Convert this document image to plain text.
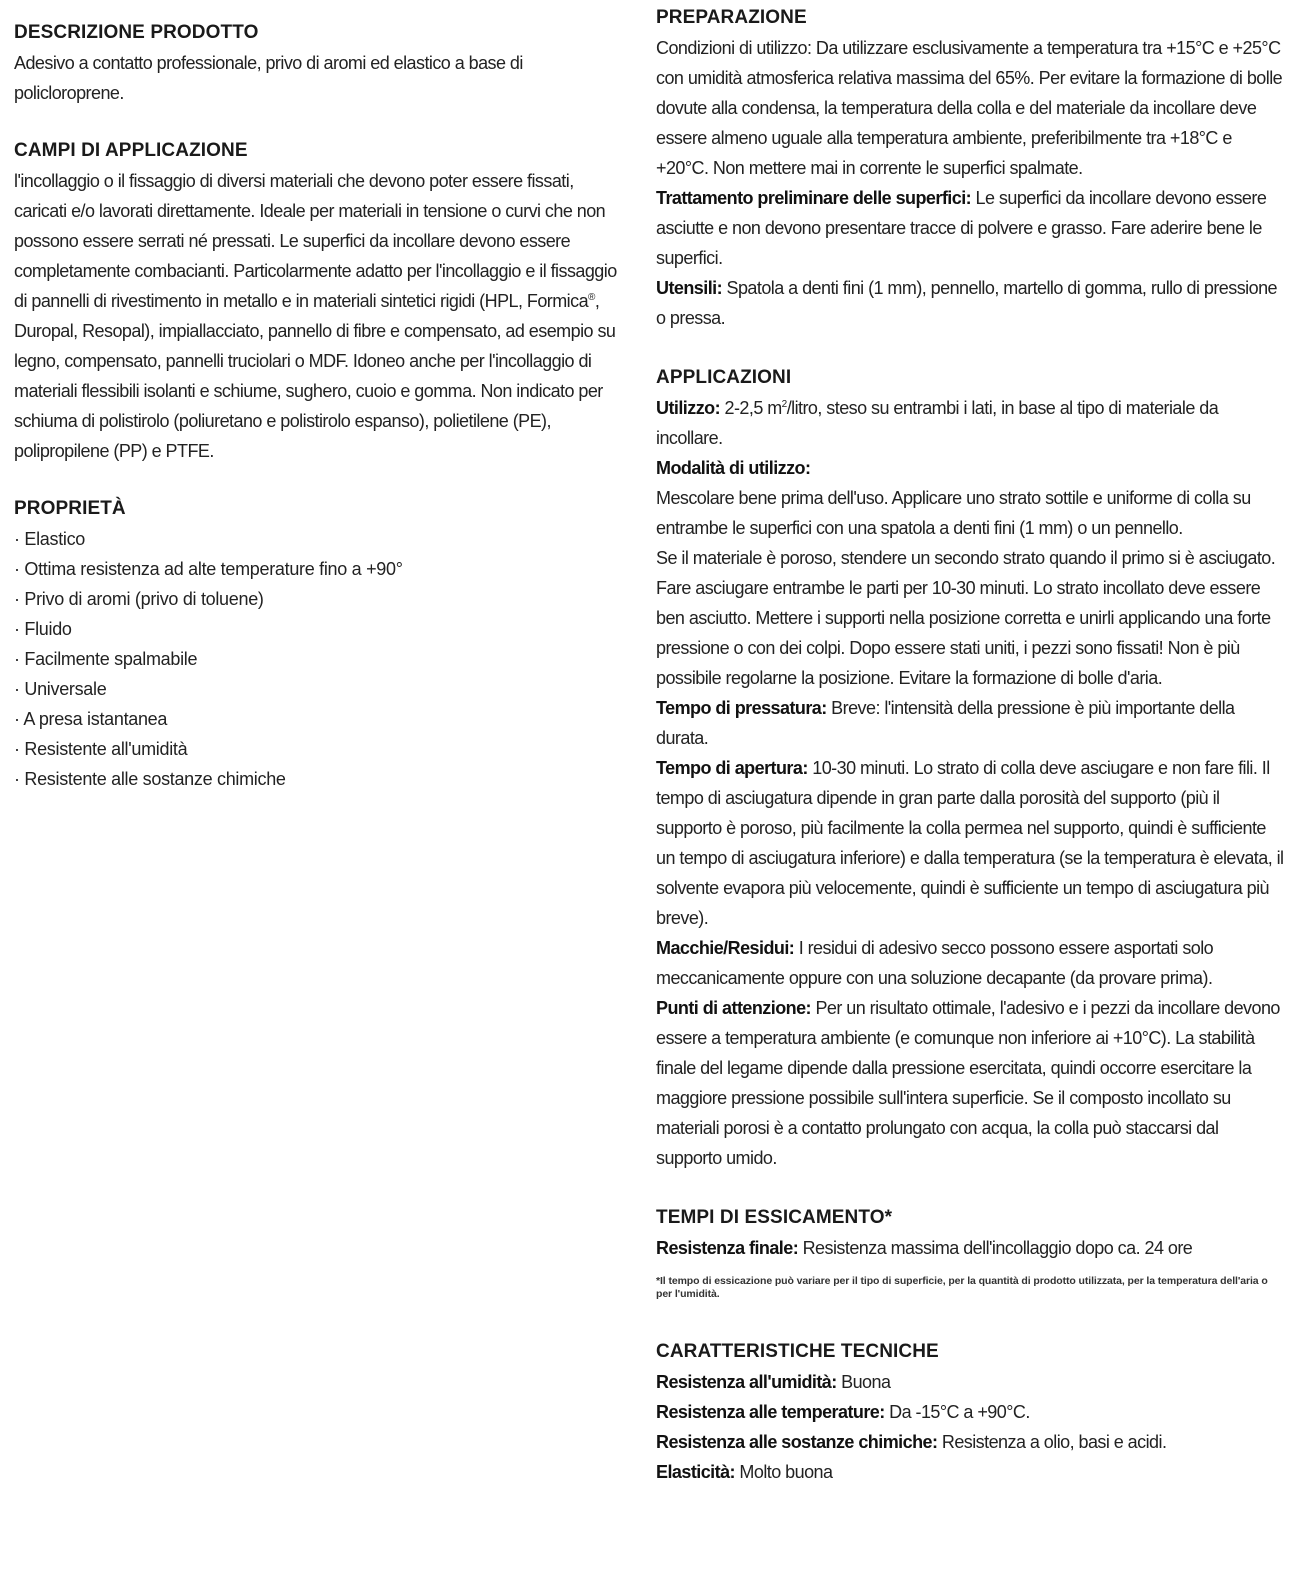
DESCRIZIONE PRODOTTO
Adesivo a contatto professionale, privo di aromi ed elastico a base di policloroprene.
CAMPI DI APPLICAZIONE
l'incollaggio o il fissaggio di diversi materiali che devono poter essere fissati, caricati e/o lavorati direttamente. Ideale per materiali in tensione o curvi che non possono essere serrati né pressati. Le superfici da incollare devono essere completamente combacianti. Particolarmente adatto per l'incollaggio e il fissaggio di pannelli di rivestimento in metallo e in materiali sintetici rigidi (HPL, Formica®, Duropal, Resopal), impiallacciato, pannello di fibre e compensato, ad esempio su legno, compensato, pannelli truciolari o MDF. Idoneo anche per l'incollaggio di materiali flessibili isolanti e schiume, sughero, cuoio e gomma. Non indicato per schiuma di polistirolo (poliuretano e polistirolo espanso), polietilene (PE), polipropilene (PP) e PTFE.
PROPRIETÀ
· Elastico
· Ottima resistenza ad alte temperature fino a +90°
· Privo di aromi (privo di toluene)
· Fluido
· Facilmente spalmabile
· Universale
· A presa istantanea
· Resistente all'umidità
· Resistente alle sostanze chimiche
PREPARAZIONE
Condizioni di utilizzo: Da utilizzare esclusivamente a temperatura tra +15°C e +25°C con umidità atmosferica relativa massima del 65%. Per evitare la formazione di bolle dovute alla condensa, la temperatura della colla e del materiale da incollare deve essere almeno uguale alla temperatura ambiente, preferibilmente tra +18°C e +20°C. Non mettere mai in corrente le superfici spalmate.
Trattamento preliminare delle superfici: Le superfici da incollare devono essere asciutte e non devono presentare tracce di polvere e grasso. Fare aderire bene le superfici.
Utensili: Spatola a denti fini (1 mm), pennello, martello di gomma, rullo di pressione o pressa.
APPLICAZIONI
Utilizzo: 2-2,5 $m^2$/litro, steso su entrambi i lati, in base al tipo di materiale da incollare.
Modalità di utilizzo:
Mescolare bene prima dell'uso. Applicare uno strato sottile e uniforme di colla su entrambe le superfici con una spatola a denti fini (1 mm) o un pennello.
Se il materiale è poroso, stendere un secondo strato quando il primo si è asciugato. Fare asciugare entrambe le parti per 10-30 minuti. Lo strato incollato deve essere ben asciutto. Mettere i supporti nella posizione corretta e unirli applicando una forte pressione o con dei colpi. Dopo essere stati uniti, i pezzi sono fissati! Non è più possibile regolarne la posizione. Evitare la formazione di bolle d'aria.
Tempo di pressatura: Breve: l'intensità della pressione è più importante della durata.
Tempo di apertura: 10-30 minuti. Lo strato di colla deve asciugare e non fare fili. Il tempo di asciugatura dipende in gran parte dalla porosità del supporto (più il supporto è poroso, più facilmente la colla permea nel supporto, quindi è sufficiente un tempo di asciugatura inferiore) e dalla temperatura (se la temperatura è elevata, il solvente evapora più velocemente, quindi è sufficiente un tempo di asciugatura più breve).
Macchie/Residui: I residui di adesivo secco possono essere asportati solo meccanicamente oppure con una soluzione decapante (da provare prima).
Punti di attenzione: Per un risultato ottimale, l'adesivo e i pezzi da incollare devono essere a temperatura ambiente (e comunque non inferiore ai +10°C). La stabilità finale del legame dipende dalla pressione esercitata, quindi occorre esercitare la maggiore pressione possibile sull'intera superficie. Se il composto incollato su materiali porosi è a contatto prolungato con acqua, la colla può staccarsi dal supporto umido.
TEMPI DI ESSICAMENTO*
Resistenza finale: Resistenza massima dell'incollaggio dopo ca. 24 ore
*Il tempo di essicazione può variare per il tipo di superficie, per la quantità di prodotto utilizzata, per la temperatura dell'aria o per l'umidità.
CARATTERISTICHE TECNICHE
Resistenza all'umidità: Buona
Resistenza alle temperature: Da -15°C a +90°C.
Resistenza alle sostanze chimiche: Resistenza a olio, basi e acidi.
Elasticità: Molto buona
